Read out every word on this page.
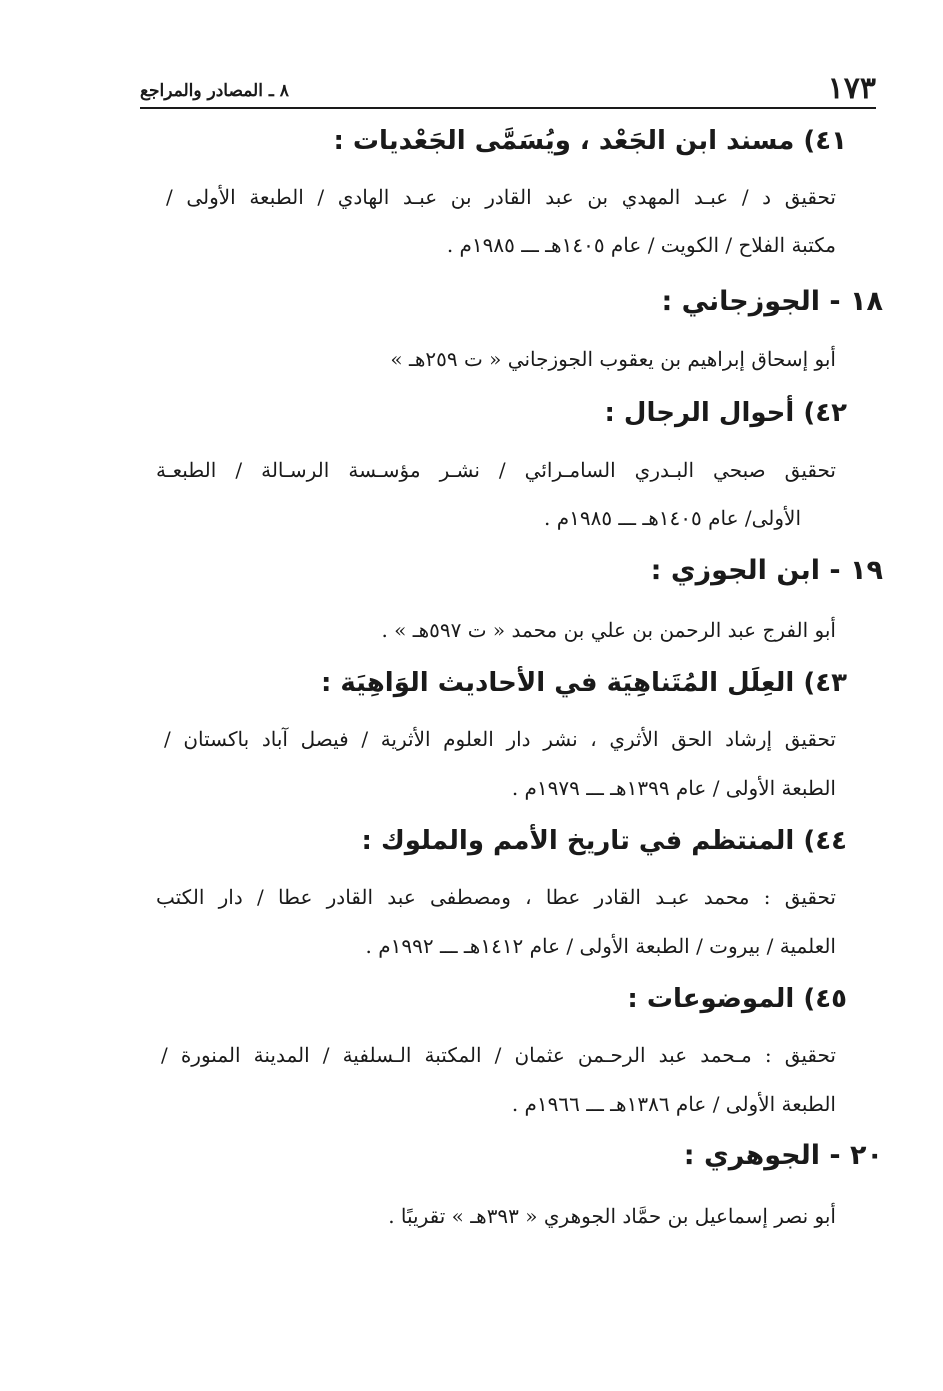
١٧٣
٨ ـ المصادر والمراجع
٤١) مسند ابن الجَعْد ، ويُسَمَّى الجَعْديات :
تحقيق د / عبـد المهدي بن عبد القادر بن عبـد الهادي / الطبعة الأولى /
مكتبة الفلاح / الكويت / عام ١٤٠٥هـ ـــ ١٩٨٥م .
١٨ - الجوزجاني :
أبو إسحاق إبراهيم بن يعقوب الجوزجاني « ت ٢٥٩هـ »
٤٢) أحوال الرجال :
تحقيق صبحي البـدري السامـرائي / نشـر مؤسـسة الرسـالة / الطبعـة
الأولى/ عام ١٤٠٥هـ ـــ ١٩٨٥م .
١٩ - ابن الجوزي :
أبو الفرج عبد الرحمن بن علي بن محمد « ت ٥٩٧هـ » .
٤٣) العِلَل المُتَناهِيَة في الأحاديث الوَاهِيَة :
تحقيق إرشاد الحق الأثري ، نشر دار العلوم الأثرية / فيصل آباد باكستان /
الطبعة الأولى / عام ١٣٩٩هـ ـــ ١٩٧٩م .
٤٤) المنتظم في تاريخ الأمم والملوك :
تحقيق : محمد عبـد القادر عطا ، ومصطفى عبد القادر عطا / دار الكتب
العلمية / بيروت / الطبعة الأولى / عام ١٤١٢هـ ـــ ١٩٩٢م .
٤٥) الموضوعات :
تحقيق : مـحمد عبد الرحـمن عثمان / المكتبة الـسلفية / المدينة المنورة /
الطبعة الأولى / عام ١٣٨٦هـ ـــ ١٩٦٦م .
٢٠ - الجوهري :
أبو نصر إسماعيل بن حمَّاد الجوهري « ٣٩٣هـ » تقريبًا .
